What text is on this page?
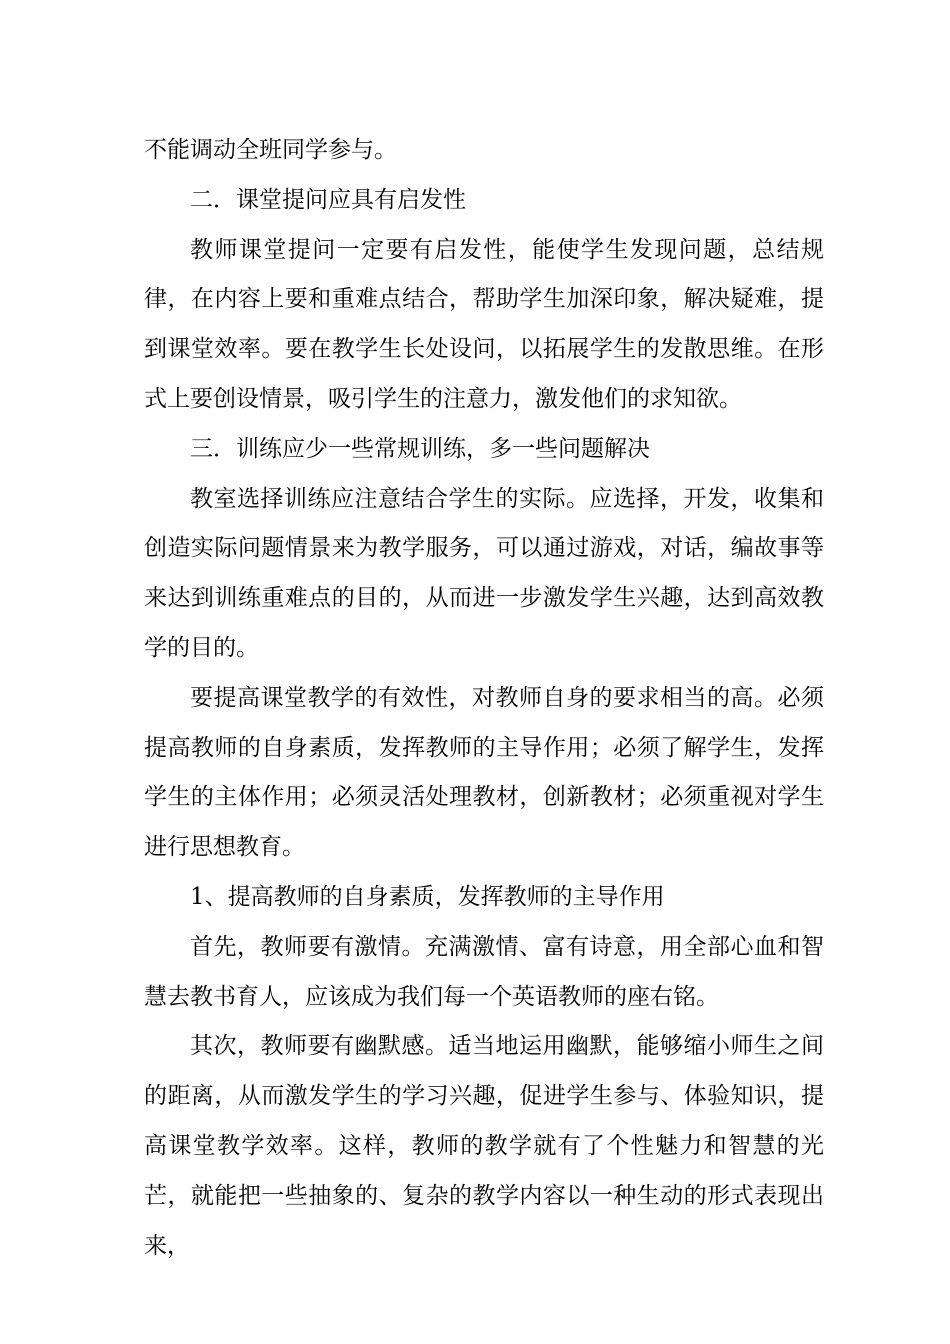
不能调动全班同学参与。

二．课堂提问应具有启发性

教师课堂提问一定要有启发性，能使学生发现问题，总结规律，在内容上要和重难点结合，帮助学生加深印象，解决疑难，提到课堂效率。要在教学生长处设问，以拓展学生的发散思维。在形式上要创设情景，吸引学生的注意力，激发他们的求知欲。

三．训练应少一些常规训练，多一些问题解决

教室选择训练应注意结合学生的实际。应选择，开发，收集和创造实际问题情景来为教学服务，可以通过游戏，对话，编故事等来达到训练重难点的目的，从而进一步激发学生兴趣，达到高效教学的目的。

要提高课堂教学的有效性，对教师自身的要求相当的高。必须提高教师的自身素质，发挥教师的主导作用；必须了解学生，发挥学生的主体作用；必须灵活处理教材，创新教材；必须重视对学生进行思想教育。

1、提高教师的自身素质，发挥教师的主导作用

首先，教师要有激情。充满激情、富有诗意，用全部心血和智慧去教书育人，应该成为我们每一个英语教师的座右铭。

其次，教师要有幽默感。适当地运用幽默，能够缩小师生之间的距离，从而激发学生的学习兴趣，促进学生参与、体验知识，提高课堂教学效率。这样，教师的教学就有了个性魅力和智慧的光芒，就能把一些抽象的、复杂的教学内容以一种生动的形式表现出来，
